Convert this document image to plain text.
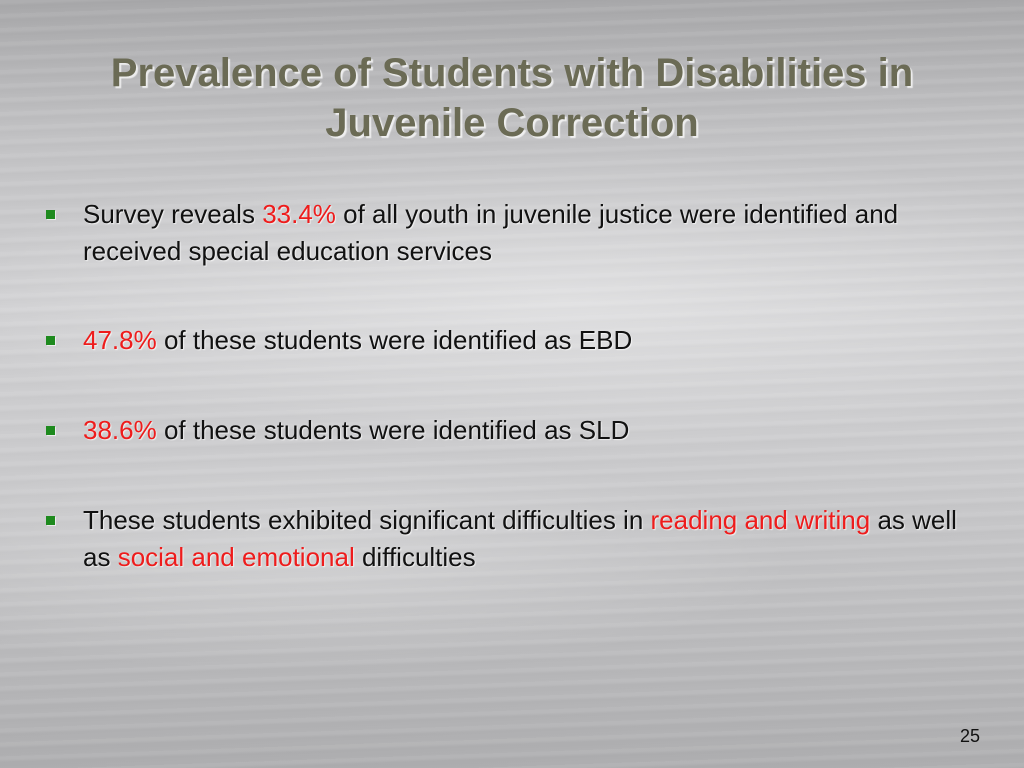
Prevalence of Students with Disabilities in Juvenile Correction
Survey reveals 33.4% of all youth in juvenile justice were identified and received special education services
47.8% of these students were identified as EBD
38.6% of these students were identified as SLD
These students exhibited significant difficulties in reading and writing as well as social and emotional difficulties
25
